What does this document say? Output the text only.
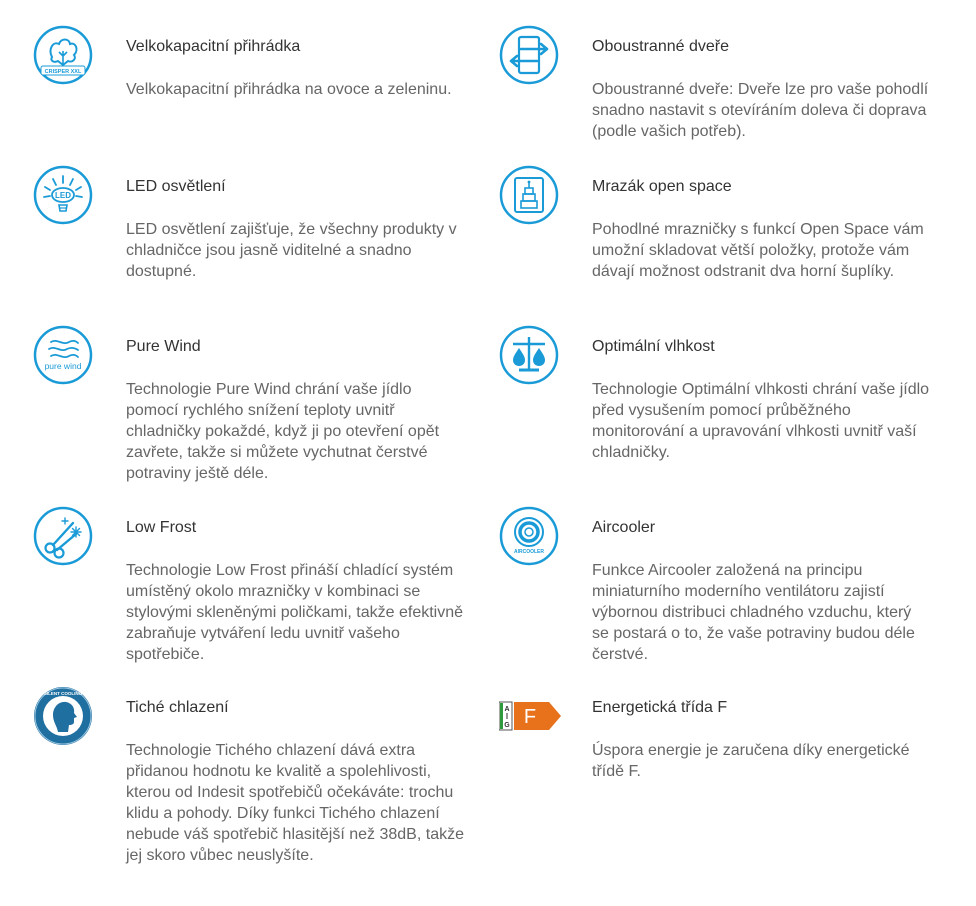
CRISPER XXL
Velkokapacitní přihrádka
Velkokapacitní přihrádka na ovoce a zeleninu.
Oboustranné dveře
Oboustranné dveře: Dveře lze pro vaše pohodlí snadno nastavit s otevíráním doleva či doprava (podle vašich potřeb).
LED
LED osvětlení
LED osvětlení zajišťuje, že všechny produkty v chladničce jsou jasně viditelné a snadno dostupné.
Mrazák open space
Pohodlné mrazničky s funkcí Open Space vám umožní skladovat větší položky, protože vám dávají možnost odstranit dva horní šuplíky.
pure wind
Pure Wind
Technologie Pure Wind chrání vaše jídlo pomocí rychlého snížení teploty uvnitř chladničky pokaždé, když ji po otevření opět zavřete, takže si můžete vychutnat čerstvé potraviny ještě déle.
Optimální vlhkost
Technologie Optimální vlhkosti chrání vaše jídlo před vysušením pomocí průběžného monitorování a upravování vlhkosti uvnitř vaší chladničky.
Low Frost
Technologie Low Frost přináší chladící systém umístěný okolo mrazničky v kombinaci se stylovými skleněnými poličkami, takže efektivně zabraňuje vytváření ledu uvnitř vašeho spotřebiče.
AIRCOOLER
Aircooler
Funkce Aircooler založená na principu miniaturního moderního ventilátoru zajistí výbornou distribuci chladného vzduchu, který se postará o to, že vaše potraviny budou déle čerstvé.
SILENT COOLING
Tiché chlazení
Technologie Tichého chlazení dává extra přidanou hodnotu ke kvalitě a spolehlivosti, kterou od Indesit spotřebičů očekáváte: trochu klidu a pohody. Díky funkci Tichého chlazení nebude váš spotřebič hlasitější než 38dB, takže jej skoro vůbec neuslyšíte.
A
G F	Energetická třída F
Úspora energie je zaručena díky energetické třídě F.
